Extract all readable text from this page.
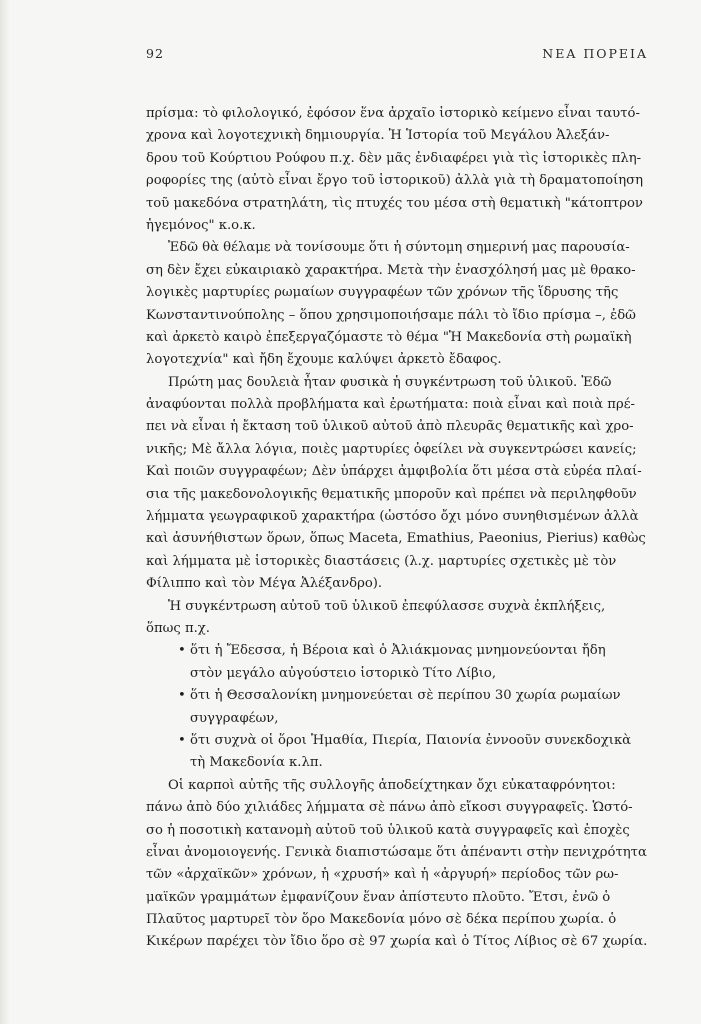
92	ΝΕΑ ΠΟΡΕΙΑ
πρίσμα: τὸ φιλολογικό, ἐφόσον ἕνα ἀρχαῖο ἱστορικὸ κείμενο εἶναι ταυτό-
χρονα καὶ λογοτεχνικὴ δημιουργία. Ἡ Ἱστορία τοῦ Μεγάλου Ἀλεξάν-
δρου τοῦ Κούρτιου Ρούφου π.χ. δὲν μᾶς ἐνδιαφέρει γιὰ τὶς ἱστορικὲς πλη-
ροφορίες της (αὐτὸ εἶναι ἔργο τοῦ ἱστορικοῦ) ἀλλὰ γιὰ τὴ δραματοποίηση
τοῦ μακεδόνα στρατηλάτη, τὶς πτυχές του μέσα στὴ θεματικὴ "κάτοπτρον
ἡγεμόνος" κ.ο.κ.
Ἐδῶ θὰ θέλαμε νὰ τονίσουμε ὅτι ἡ σύντομη σημερινή μας παρουσία-
ση δὲν ἔχει εὐκαιριακὸ χαρακτήρα. Μετὰ τὴν ἐνασχόλησή μας μὲ θρακο-
λογικὲς μαρτυρίες ρωμαίων συγγραφέων τῶν χρόνων τῆς ἵδρυσης τῆς
Κωνσταντινούπολης – ὅπου χρησιμοποιήσαμε πάλι τὸ ἴδιο πρίσμα –, ἐδῶ
καὶ ἀρκετὸ καιρὸ ἐπεξεργαζόμαστε τὸ θέμα "Ἡ Μακεδονία στὴ ρωμαϊκὴ
λογοτεχνία" καὶ ἤδη ἔχουμε καλύψει ἀρκετὸ ἔδαφος.
Πρώτη μας δουλειὰ ἦταν φυσικὰ ἡ συγκέντρωση τοῦ ὑλικοῦ. Ἐδῶ
ἀναφύονται πολλὰ προβλήματα καὶ ἐρωτήματα: ποιὰ εἶναι καὶ ποιὰ πρέ-
πει νὰ εἶναι ἡ ἔκταση τοῦ ὑλικοῦ αὐτοῦ ἀπὸ πλευρᾶς θεματικῆς καὶ χρο-
νικῆς; Μὲ ἄλλα λόγια, ποιὲς μαρτυρίες ὀφείλει νὰ συγκεντρώσει κανείς;
Καὶ ποιῶν συγγραφέων; Δὲν ὑπάρχει ἀμφιβολία ὅτι μέσα στὰ εὐρέα πλαί-
σια τῆς μακεδονολογικῆς θεματικῆς μποροῦν καὶ πρέπει νὰ περιληφθοῦν
λήμματα γεωγραφικοῦ χαρακτήρα (ὡστόσο ὄχι μόνο συνηθισμένων ἀλλὰ
καὶ ἀσυνήθιστων ὅρων, ὅπως Maceta, Emathius, Paeonius, Pierius) καθὼς
καὶ λήμματα μὲ ἱστορικὲς διαστάσεις (λ.χ. μαρτυρίες σχετικὲς μὲ τὸν
Φίλιππο καὶ τὸν Μέγα Ἀλέξανδρο).
Ἡ συγκέντρωση αὐτοῦ τοῦ ὑλικοῦ ἐπεφύλασσε συχνὰ ἐκπλήξεις,
ὅπως π.χ.
• ὅτι ἡ Ἔδεσσα, ἡ Βέροια καὶ ὁ Ἀλιάκμονας μνημονεύονται ἤδη
στὸν μεγάλο αὐγούστειο ἱστορικὸ Τίτο Λίβιο,
• ὅτι ἡ Θεσσαλονίκη μνημονεύεται σὲ περίπου 30 χωρία ρωμαίων
συγγραφέων,
• ὅτι συχνὰ οἱ ὅροι Ἠμαθία, Πιερία, Παιονία ἐννοοῦν συνεκδοχικὰ
τὴ Μακεδονία κ.λπ.
Οἱ καρποὶ αὐτῆς τῆς συλλογῆς ἀποδείχτηκαν ὄχι εὐκαταφρόνητοι:
πάνω ἀπὸ δύο χιλιάδες λήμματα σὲ πάνω ἀπὸ εἴκοσι συγγραφεῖς. Ὡστό-
σο ἡ ποσοτικὴ κατανομὴ αὐτοῦ τοῦ ὑλικοῦ κατὰ συγγραφεῖς καὶ ἐποχὲς
εἶναι ἀνομοιογενής. Γενικὰ διαπιστώσαμε ὅτι ἀπέναντι στὴν πενιχρότητα
τῶν «ἀρχαϊκῶν» χρόνων, ἡ «χρυσή» καὶ ἡ «ἀργυρή» περίοδος τῶν ρω-
μαϊκῶν γραμμάτων ἐμφανίζουν ἕναν ἀπίστευτο πλοῦτο. Ἔτσι, ἐνῶ ὁ
Πλαῦτος μαρτυρεῖ τὸν ὅρο Μακεδονία μόνο σὲ δέκα περίπου χωρία. ὁ
Κικέρων παρέχει τὸν ἴδιο ὅρο σὲ 97 χωρία καὶ ὁ Τίτος Λίβιος σὲ 67 χωρία.
